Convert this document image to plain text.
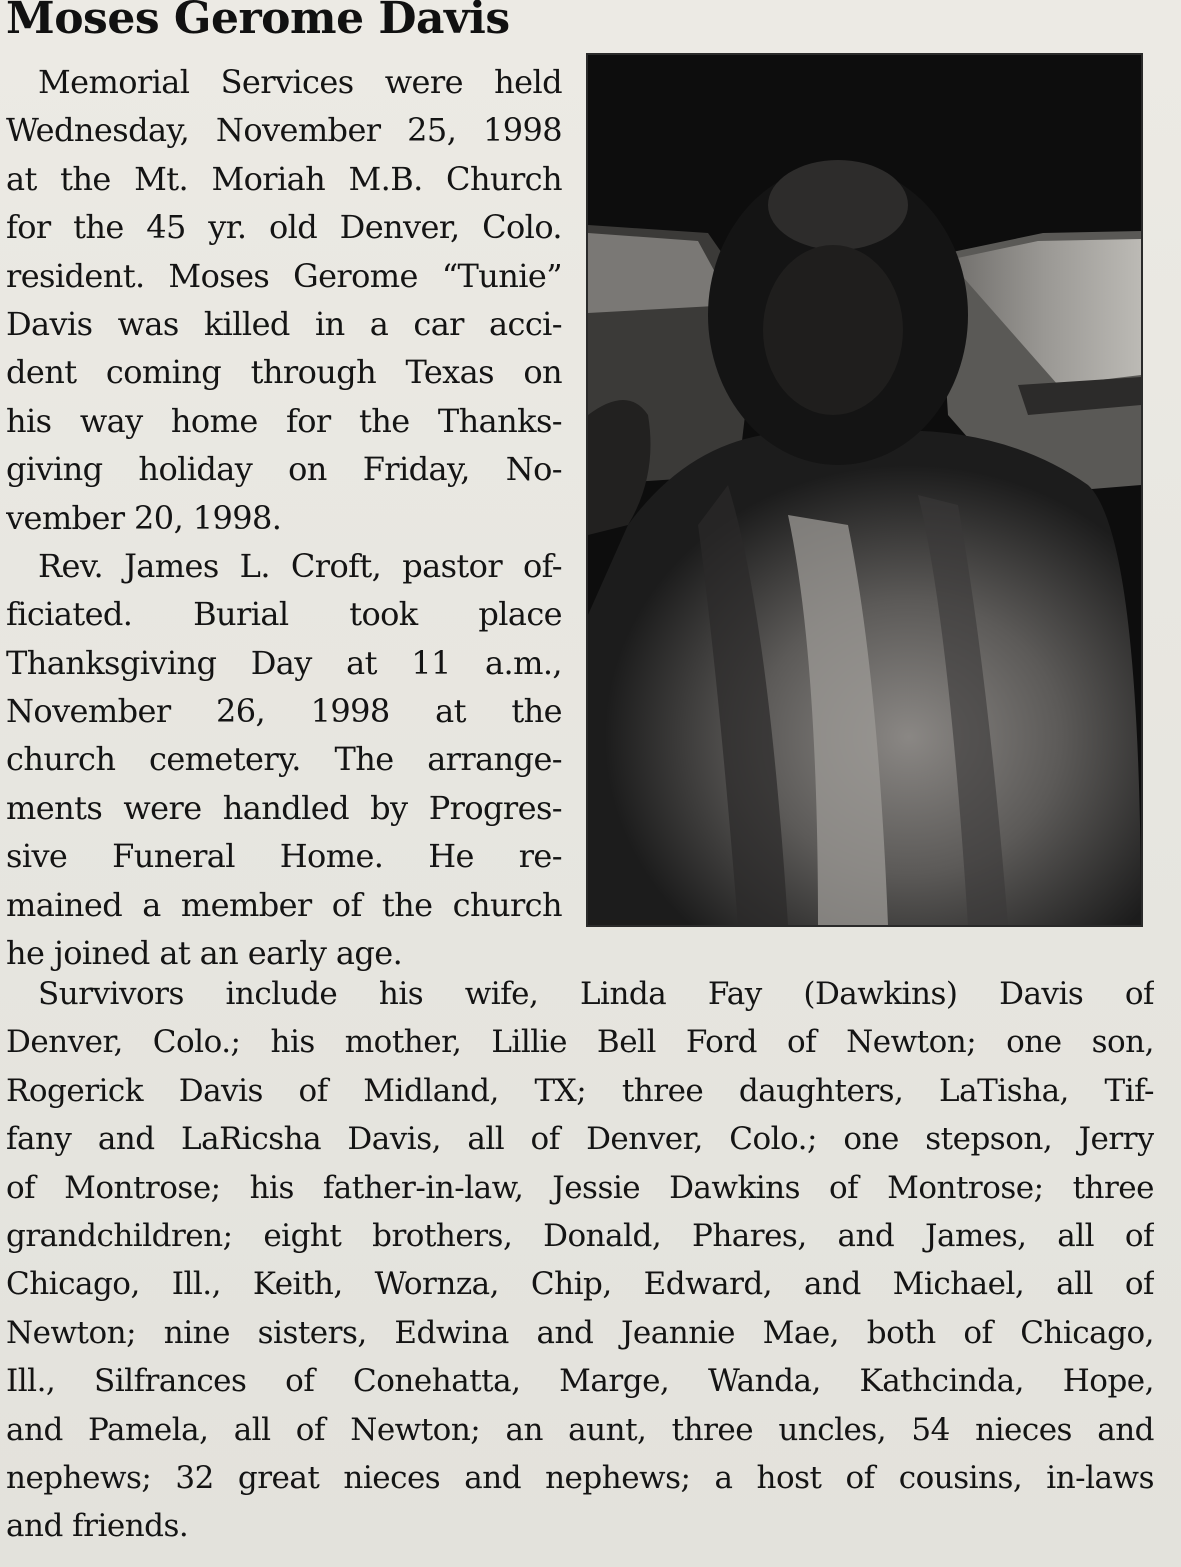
Moses Gerome Davis
Memorial Services were held
Wednesday, November 25, 1998
at the Mt. Moriah M.B. Church
for the 45 yr. old Denver, Colo.
resident. Moses Gerome “Tunie”
Davis was killed in a car acci-
dent coming through Texas on
his way home for the Thanks-
giving holiday on Friday, No-
vember 20, 1998.
Rev. James L. Croft, pastor of-
ficiated. Burial took place
Thanksgiving Day at 11 a.m.,
November 26, 1998 at the
church cemetery. The arrange-
ments were handled by Progres-
sive Funeral Home. He re-
mained a member of the church
he joined at an early age.
Survivors include his wife, Linda Fay (Dawkins) Davis of
Denver, Colo.; his mother, Lillie Bell Ford of Newton; one son,
Rogerick Davis of Midland, TX; three daughters, LaTisha, Tif-
fany and LaRicsha Davis, all of Denver, Colo.; one stepson, Jerry
of Montrose; his father-in-law, Jessie Dawkins of Montrose; three
grandchildren; eight brothers, Donald, Phares, and James, all of
Chicago, Ill., Keith, Wornza, Chip, Edward, and Michael, all of
Newton; nine sisters, Edwina and Jeannie Mae, both of Chicago,
Ill., Silfrances of Conehatta, Marge, Wanda, Kathcinda, Hope,
and Pamela, all of Newton; an aunt, three uncles, 54 nieces and
nephews; 32 great nieces and nephews; a host of cousins, in-laws
and friends.
